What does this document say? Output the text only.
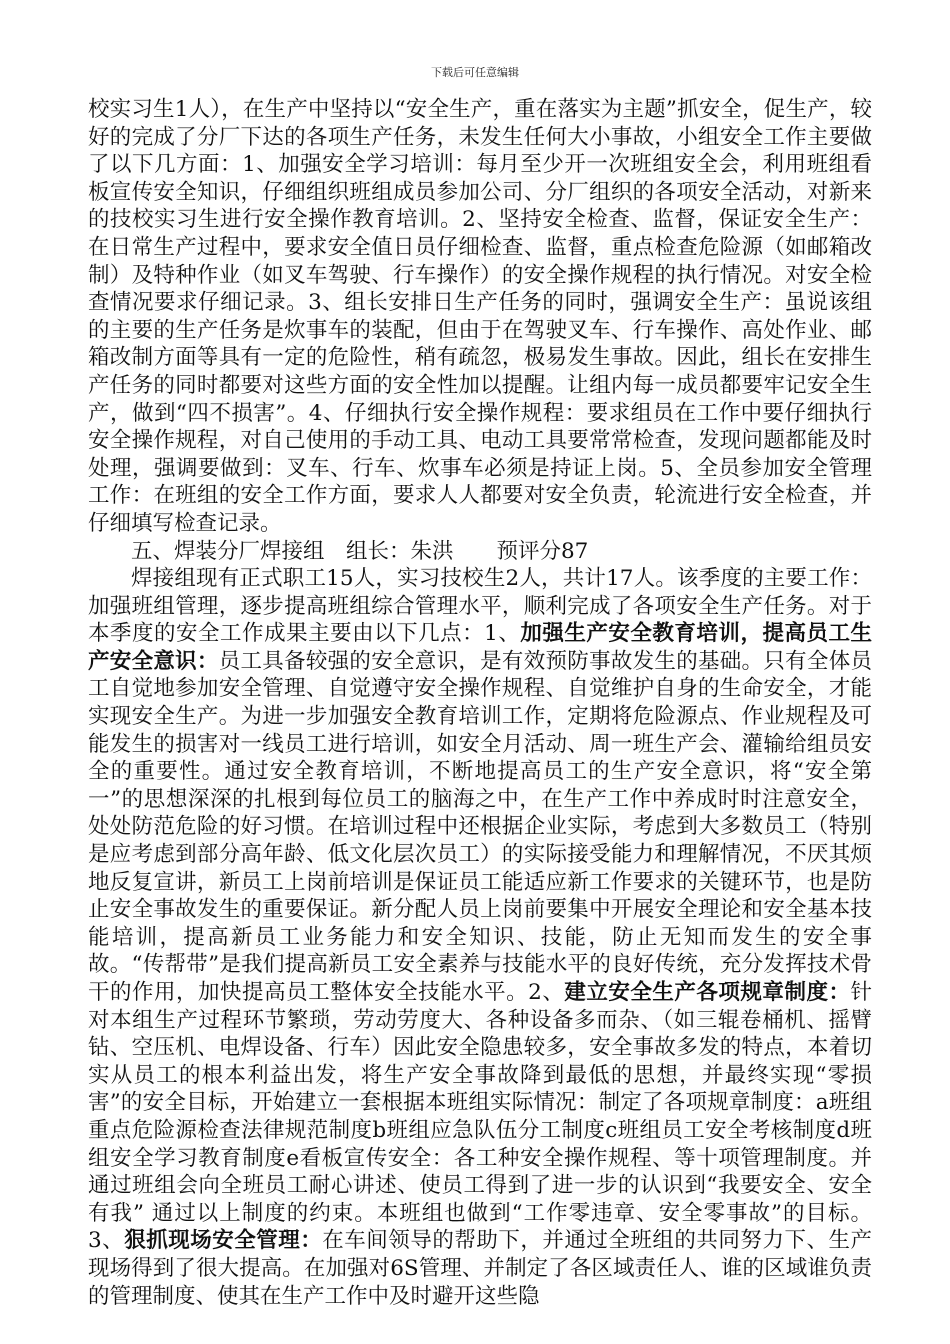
下载后可任意编辑

校实习生1人），在生产中坚持以“安全生产，重在落实为主题”抓安全，促生产，较好的完成了分厂下达的各项生产任务，未发生任何大小事故，小组安全工作主要做了以下几方面：1、加强安全学习培训：每月至少开一次班组安全会，利用班组看板宣传安全知识，仔细组织班组成员参加公司、分厂组织的各项安全活动，对新来的技校实习生进行安全操作教育培训。2、坚持安全检查、监督，保证安全生产：在日常生产过程中，要求安全值日员仔细检查、监督，重点检查危险源（如邮箱改制）及特种作业（如叉车驾驶、行车操作）的安全操作规程的执行情况。对安全检查情况要求仔细记录。3、组长安排日生产任务的同时，强调安全生产：虽说该组的主要的生产任务是炊事车的装配，但由于在驾驶叉车、行车操作、高处作业、邮箱改制方面等具有一定的危险性，稍有疏忽，极易发生事故。因此，组长在安排生产任务的同时都要对这些方面的安全性加以提醒。让组内每一成员都要牢记安全生产，做到“四不损害”。4、仔细执行安全操作规程：要求组员在工作中要仔细执行安全操作规程，对自己使用的手动工具、电动工具要常常检查，发现问题都能及时处理，强调要做到：叉车、行车、炊事车必须是持证上岗。5、全员参加安全管理工作：在班组的安全工作方面，要求人人都要对安全负责，轮流进行安全检查，并仔细填写检查记录。

五、焊装分厂焊接组　组长：朱洪　　预评分87

焊接组现有正式职工15人，实习技校生2人，共计17人。该季度的主要工作：加强班组管理，逐步提高班组综合管理水平，顺利完成了各项安全生产任务。对于本季度的安全工作成果主要由以下几点：1、加强生产安全教育培训，提高员工生产安全意识：员工具备较强的安全意识，是有效预防事故发生的基础。只有全体员工自觉地参加安全管理、自觉遵守安全操作规程、自觉维护自身的生命安全，才能实现安全生产。为进一步加强安全教育培训工作，定期将危险源点、作业规程及可能发生的损害对一线员工进行培训，如安全月活动、周一班生产会、灌输给组员安全的重要性。通过安全教育培训，不断地提高员工的生产安全意识，将“安全第一”的思想深深的扎根到每位员工的脑海之中，在生产工作中养成时时注意安全，处处防范危险的好习惯。在培训过程中还根据企业实际，考虑到大多数员工（特别是应考虑到部分高年龄、低文化层次员工）的实际接受能力和理解情况，不厌其烦地反复宣讲，新员工上岗前培训是保证员工能适应新工作要求的关键环节，也是防止安全事故发生的重要保证。新分配人员上岗前要集中开展安全理论和安全基本技能培训，提高新员工业务能力和安全知识、技能，防止无知而发生的安全事故。“传帮带”是我们提高新员工安全素养与技能水平的良好传统，充分发挥技术骨干的作用，加快提高员工整体安全技能水平。2、建立安全生产各项规章制度：针对本组生产过程环节繁琐，劳动劳度大、各种设备多而杂、（如三辊卷桶机、摇臂钻、空压机、电焊设备、行车）因此安全隐患较多，安全事故多发的特点，本着切实从员工的根本利益出发，将生产安全事故降到最低的思想，并最终实现“零损害”的安全目标，开始建立一套根据本班组实际情况：制定了各项规章制度：a班组重点危险源检查法律规范制度b班组应急队伍分工制度c班组员工安全考核制度d班组安全学习教育制度e看板宣传安全：各工种安全操作规程、等十项管理制度。并通过班组会向全班员工耐心讲述、使员工得到了进一步的认识到“我要安全、安全有我” 通过以上制度的约束。本班组也做到“工作零违章、安全零事故”的目标。3、狠抓现场安全管理：在车间领导的帮助下，并通过全班组的共同努力下、生产现场得到了很大提高。在加强对6S管理、并制定了各区域责任人、谁的区域谁负责的管理制度、使其在生产工作中及时避开这些隐
